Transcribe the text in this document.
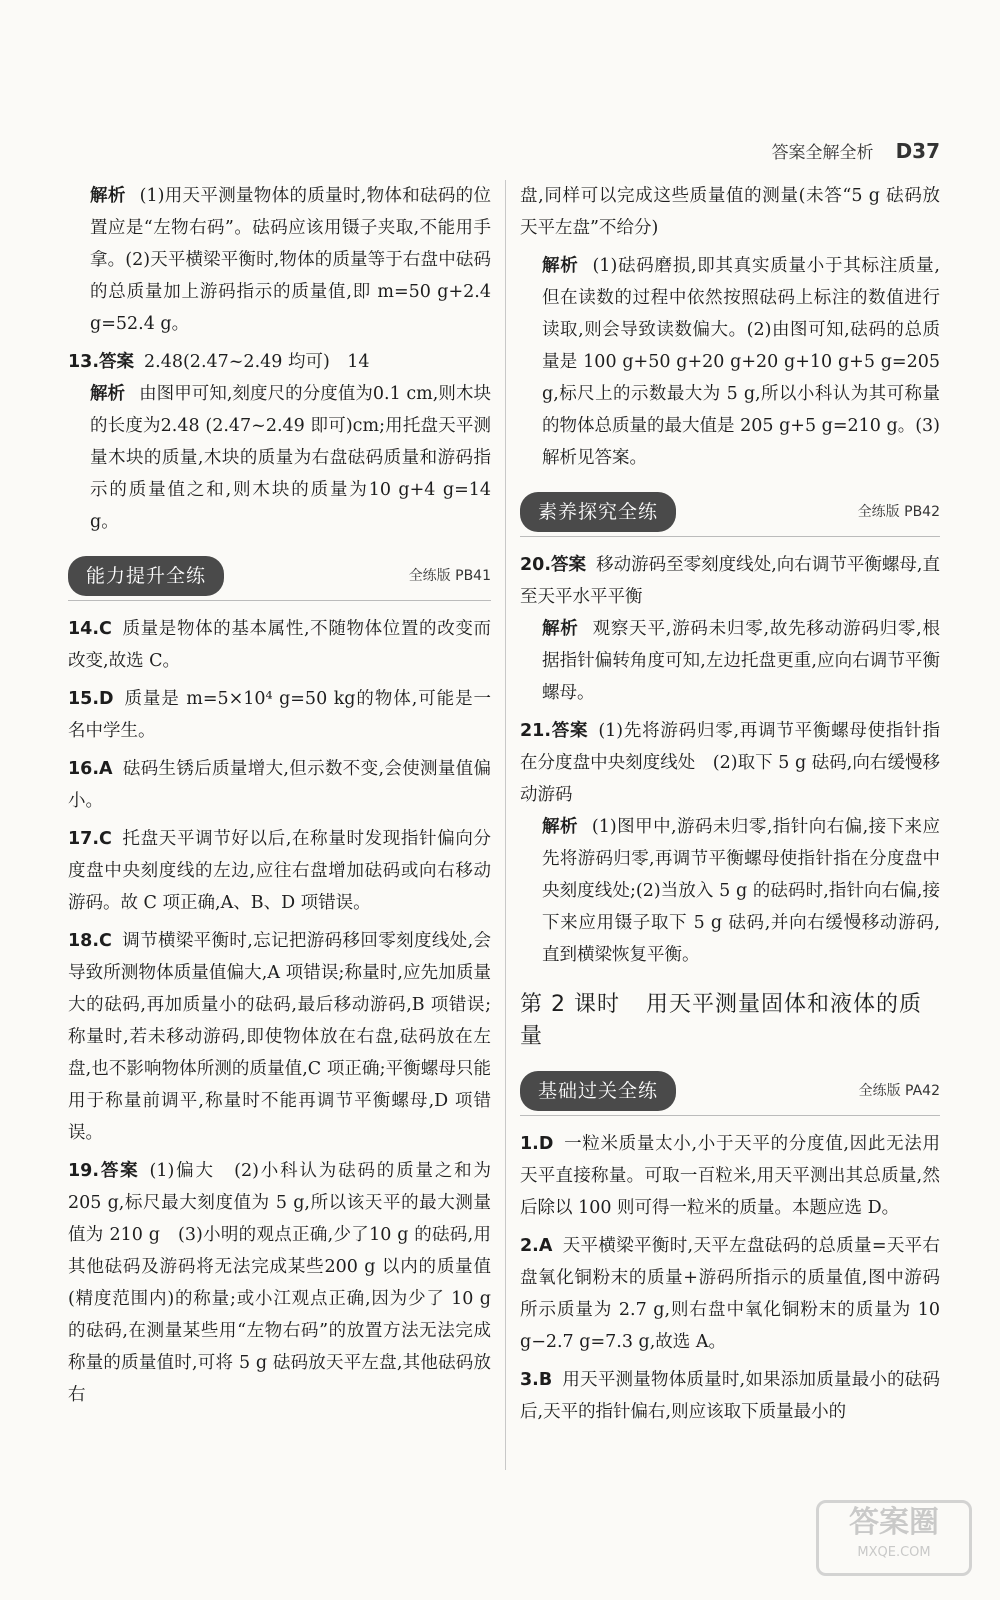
答案全解全析 D37

解析 (1)用天平测量物体的质量时,物体和砝码的位置应是“左物右码”。砝码应该用镊子夹取,不能用手拿。(2)天平横梁平衡时,物体的质量等于右盘中砝码的总质量加上游码指示的质量值,即 m=50 g+2.4 g=52.4 g。

13.答案 2.48(2.47~2.49 均可)　14

解析 由图甲可知,刻度尺的分度值为0.1 cm,则木块的长度为2.48 (2.47~2.49 即可)cm;用托盘天平测量木块的质量,木块的质量为右盘砝码质量和游码指示的质量值之和,则木块的质量为10 g+4 g=14 g。

能力提升全练	全练版 PB41

14.C 质量是物体的基本属性,不随物体位置的改变而改变,故选 C。

15.D 质量是 m=5×10⁴ g=50 kg的物体,可能是一名中学生。

16.A 砝码生锈后质量增大,但示数不变,会使测量值偏小。

17.C 托盘天平调节好以后,在称量时发现指针偏向分度盘中央刻度线的左边,应往右盘增加砝码或向右移动游码。故 C 项正确,A、B、D 项错误。

18.C 调节横梁平衡时,忘记把游码移回零刻度线处,会导致所测物体质量值偏大,A 项错误;称量时,应先加质量大的砝码,再加质量小的砝码,最后移动游码,B 项错误;称量时,若未移动游码,即使物体放在右盘,砝码放在左盘,也不影响物体所测的质量值,C 项正确;平衡螺母只能用于称量前调平,称量时不能再调节平衡螺母,D 项错误。

19.答案 (1)偏大　(2)小科认为砝码的质量之和为 205 g,标尺最大刻度值为 5 g,所以该天平的最大测量值为 210 g　(3)小明的观点正确,少了10 g 的砝码,用其他砝码及游码将无法完成某些200 g 以内的质量值(精度范围内)的称量;或小江观点正确,因为少了 10 g 的砝码,在测量某些用“左物右码”的放置方法无法完成称量的质量值时,可将 5 g 砝码放天平左盘,其他砝码放右

盘,同样可以完成这些质量值的测量(未答“5 g 砝码放天平左盘”不给分)

解析 (1)砝码磨损,即其真实质量小于其标注质量,但在读数的过程中依然按照砝码上标注的数值进行读取,则会导致读数偏大。(2)由图可知,砝码的总质量是 100 g+50 g+20 g+20 g+10 g+5 g=205 g,标尺上的示数最大为 5 g,所以小科认为其可称量的物体总质量的最大值是 205 g+5 g=210 g。(3)解析见答案。

素养探究全练	全练版 PB42

20.答案 移动游码至零刻度线处,向右调节平衡螺母,直至天平水平平衡

解析 观察天平,游码未归零,故先移动游码归零,根据指针偏转角度可知,左边托盘更重,应向右调节平衡螺母。

21.答案 (1)先将游码归零,再调节平衡螺母使指针指在分度盘中央刻度线处　(2)取下 5 g 砝码,向右缓慢移动游码

解析 (1)图甲中,游码未归零,指针向右偏,接下来应先将游码归零,再调节平衡螺母使指针指在分度盘中央刻度线处;(2)当放入 5 g 的砝码时,指针向右偏,接下来应用镊子取下 5 g 砝码,并向右缓慢移动游码,直到横梁恢复平衡。

第 2 课时 用天平测量固体和液体的质量
基础过关全练	全练版 PA42

1.D 一粒米质量太小,小于天平的分度值,因此无法用天平直接称量。可取一百粒米,用天平测出其总质量,然后除以 100 则可得一粒米的质量。本题应选 D。

2.A 天平横梁平衡时,天平左盘砝码的总质量=天平右盘氧化铜粉末的质量+游码所指示的质量值,图中游码所示质量为 2.7 g,则右盘中氧化铜粉末的质量为 10 g−2.7 g=7.3 g,故选 A。

3.B 用天平测量物体质量时,如果添加质量最小的砝码后,天平的指针偏右,则应该取下质量最小的

答案圈
MXQE.COM
